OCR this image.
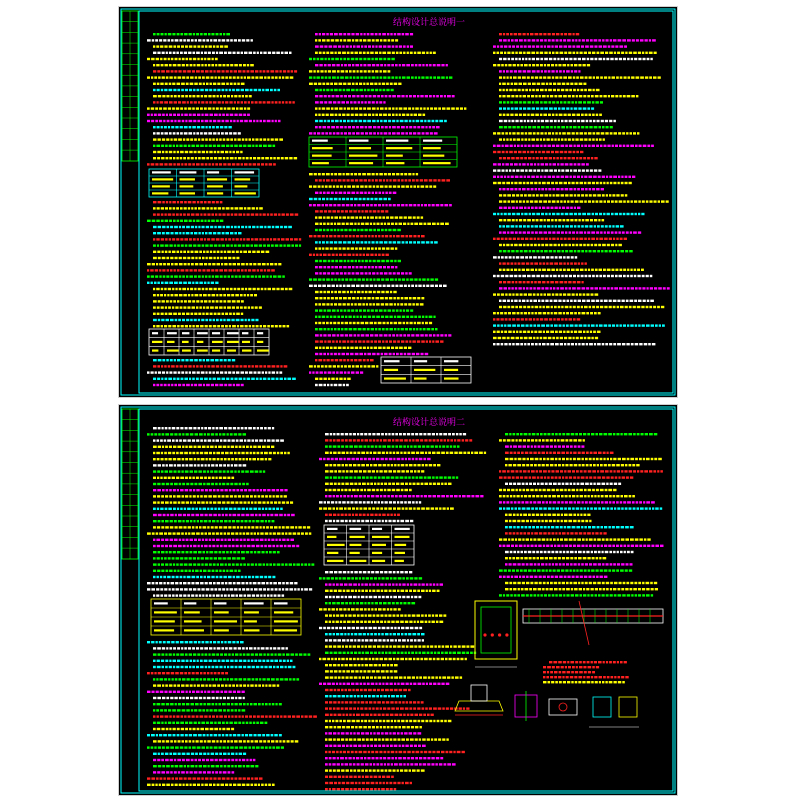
结构设计总说明一
结构设计总说明二
